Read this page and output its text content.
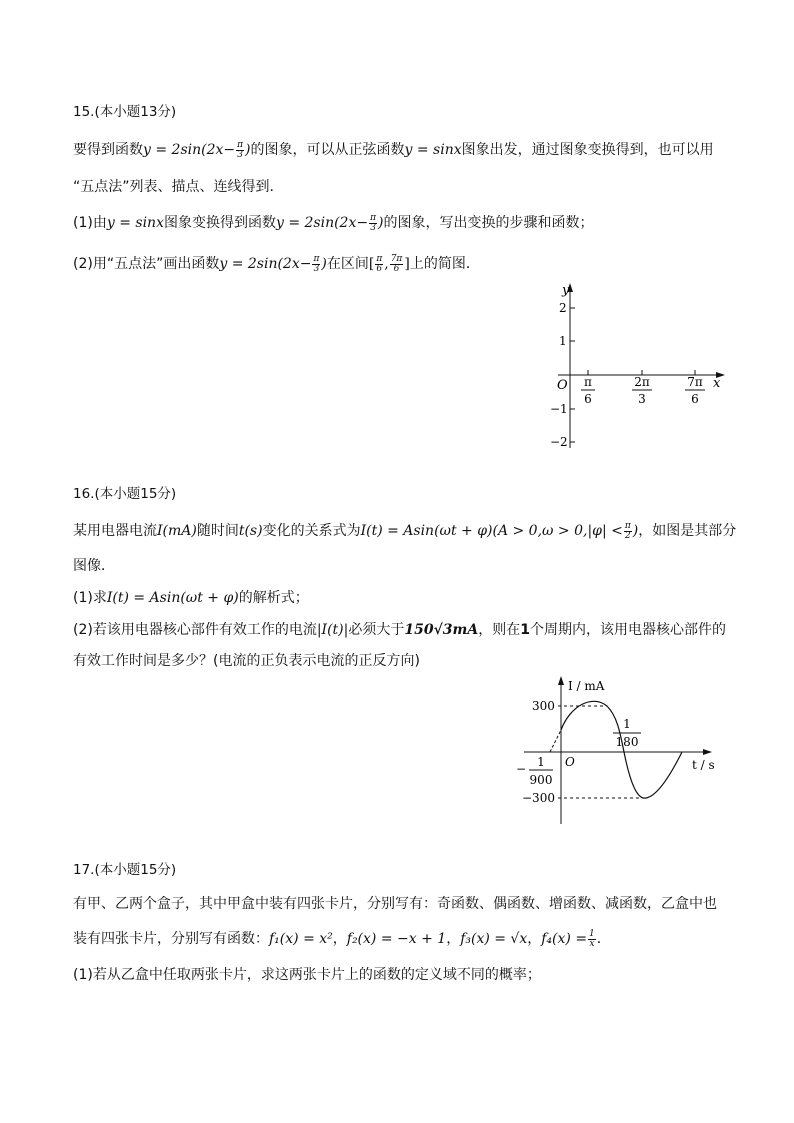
15.(本小题13分)
要得到函数$y = 2\sin(2x- \frac{\pi}{3}$ )的图象，可以从正弦函数y = sinx图象出发，通过图象变换得到，也可以用
“五点法”列表、描点、连线得到．
(1)由y = sinx图象变换得到函数$y = 2\sin(2x- \frac{\pi}{3}$ )的图象，写出变换的步骤和函数；
(2)用“五点法”画出函数$y = 2\sin(2x- \frac{\pi}{3}$ )在区间[ $\frac{\pi}{6}$ , $\frac{7\pi}{6}$ ]上的简图．
y
x
O
2
1
−1
−2
π
6
2π
3
7π
6
16.(本小题15分)
某用电器电流I(mA)随时间t(s)变化的关系式为$I(t) = Asin(\omega t + \varphi)(A > 0,\omega > 0,|\varphi| < \frac{\pi}{2}$ )，如图是其部分
图像．
(1)求I(t) = Asin(ωt + φ)的解析式；
(2)若该用电器核心部件有效工作的电流|I(t)|必须大于150√3mA，则在1个周期内，该用电器核心部件的
有效工作时间是多少？(电流的正负表示电流的正反方向)
I / mA
t / s
O
300
−300
1
180
− 1
900
17.(本小题15分)
有甲、乙两个盒子，其中甲盒中装有四张卡片，分别写有：奇函数、偶函数、增函数、减函数，乙盒中也
装有四张卡片，分别写有函数：f₁(x) = x²，f₂(x) = −x + 1，f₃(x) = √x，$f_4(x) = \frac{1}{x}$ ．
(1)若从乙盒中任取两张卡片，求这两张卡片上的函数的定义域不同的概率；
